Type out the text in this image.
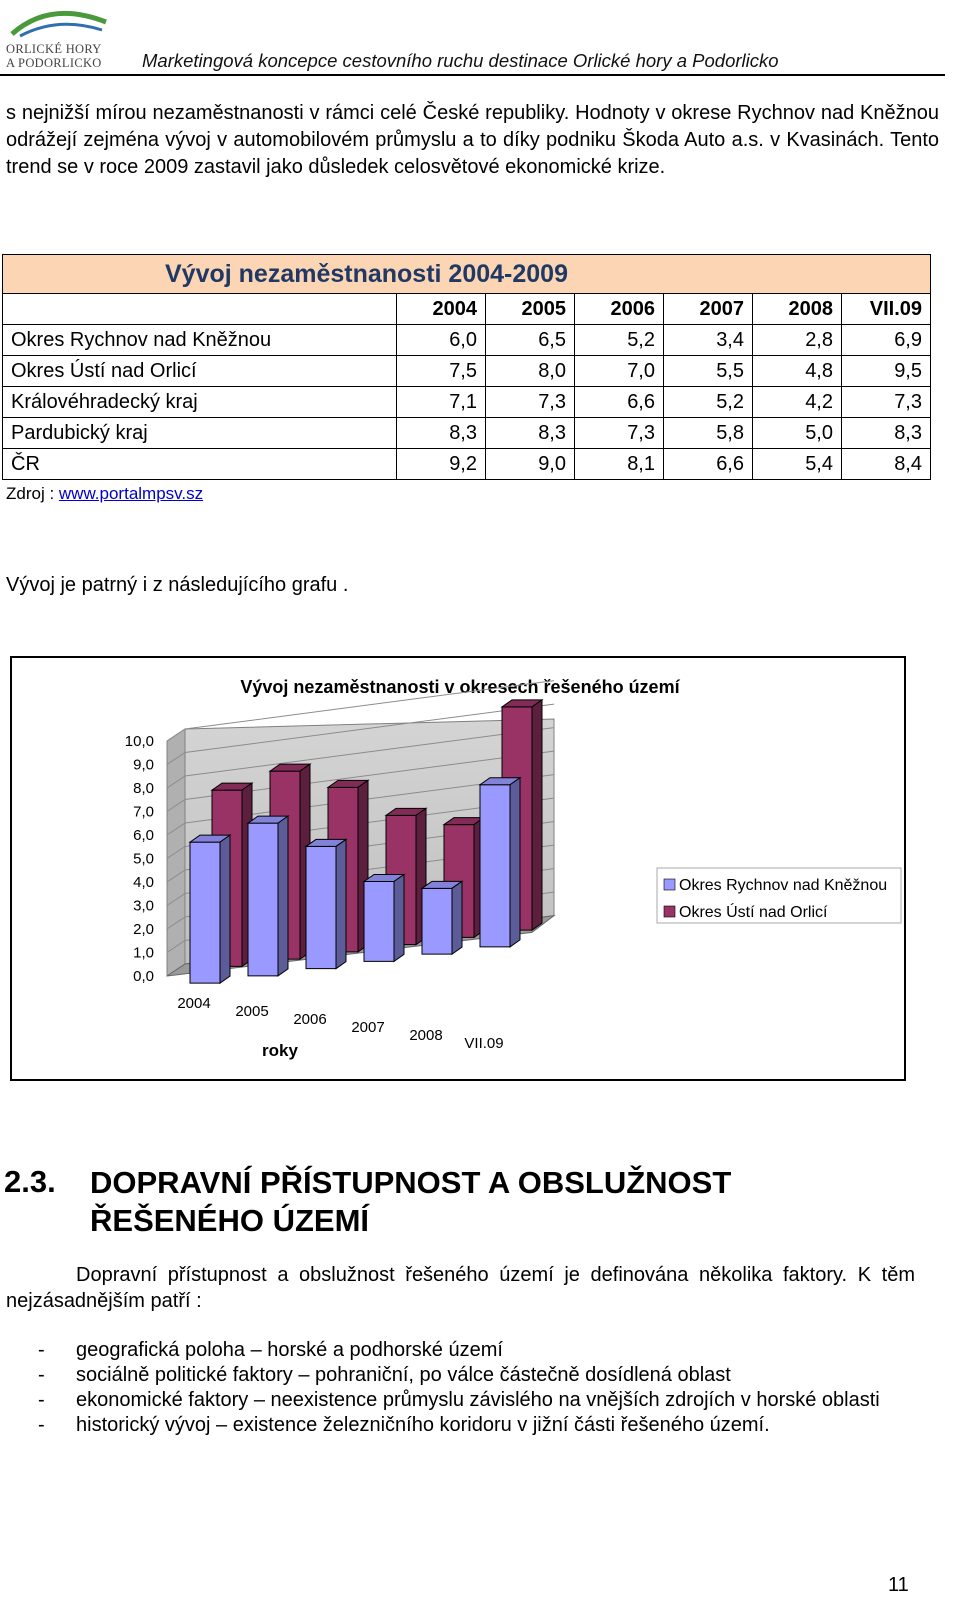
ORLICKÉ HORY
A PODORLICKO	Marketingová koncepce cestovního ruchu destinace Orlické hory a Podorlicko

s nejnižší mírou nezaměstnanosti v rámci celé České republiky. Hodnoty v okrese Rychnov nad Kněžnou odrážejí zejména vývoj v automobilovém průmyslu a to díky podniku Škoda Auto a.s. v Kvasinách. Tento trend se v roce 2009 zastavil jako důsledek celosvětové ekonomické krize.

Vývoj nezaměstnanosti 2004-2009						
	2004	2005	2006	2007	2008	VII.09
Okres Rychnov nad Kněžnou	6,0	6,5	5,2	3,4	2,8	6,9
Okres Ústí nad Orlicí	7,5	8,0	7,0	5,5	4,8	9,5
Královéhradecký kraj	7,1	7,3	6,6	5,2	4,2	7,3
Pardubický kraj	8,3	8,3	7,3	5,8	5,0	8,3
ČR	9,2	9,0	8,1	6,6	5,4	8,4
Zdroj : www.portalmpsv.sz
Vývoj je patrný i z následujícího grafu .
Vývoj nezaměstnanosti v okresech řešeného území
10,0
9,0
8,0
7,0
6,0
5,0
4,0
3,0
2,0
1,0
0,0
2004 2005 2006 2007 2008 VII.09
roky
Okres Rychnov nad Kněžnou
Okres Ústí nad Orlicí
2.3. DOPRAVNÍ PŘÍSTUPNOST A OBSLUŽNOST ŘEŠENÉHO ÚZEMÍ

Dopravní přístupnost a obslužnost řešeného území je definována několika faktory. K těm nejzásadnějším patří :

- geografická poloha – horské a podhorské území
- sociálně politické faktory – pohraniční, po válce částečně dosídlená oblast
- ekonomické faktory – neexistence průmyslu závislého na vnějších zdrojích v horské oblasti
- historický vývoj – existence železničního koridoru v jižní části řešeného území.
11
